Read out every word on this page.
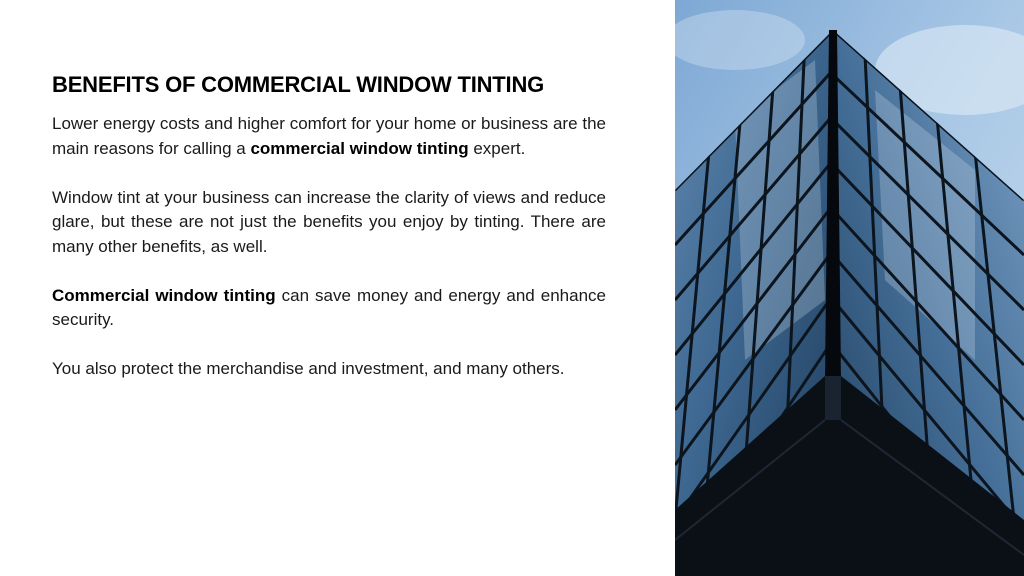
BENEFITS OF COMMERCIAL WINDOW TINTING

Lower energy costs and higher comfort for your home or business are the main reasons for calling a commercial window tinting expert.

Window tint at your business can increase the clarity of views and reduce glare, but these are not just the benefits you enjoy by tinting. There are many other benefits, as well.

Commercial window tinting can save money and energy and enhance security.

You also protect the merchandise and investment, and many others.
